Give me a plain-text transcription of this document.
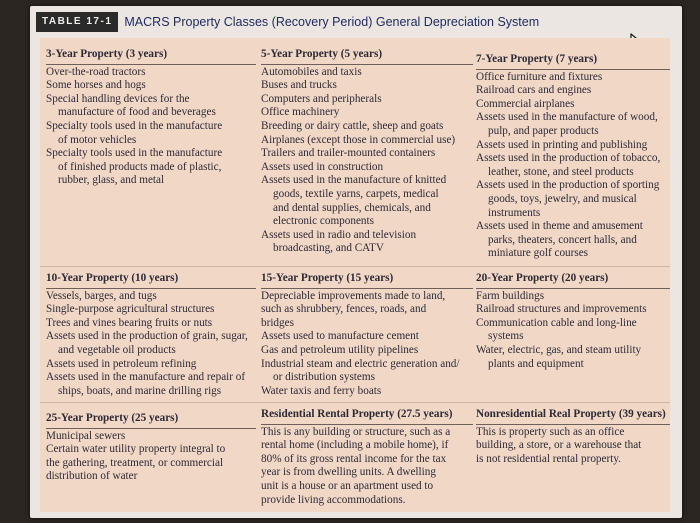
TABLE 17-1 MACRS Property Classes (Recovery Period) General Depreciation System
3-Year Property (3 years)
Over-the-road tractors
Some horses and hogs
Special handling devices for the
manufacture of food and beverages
Specialty tools used in the manufacture
of motor vehicles
Specialty tools used in the manufacture
of finished products made of plastic,
rubber, glass, and metal
5-Year Property (5 years)
Automobiles and taxis
Buses and trucks
Computers and peripherals
Office machinery
Breeding or dairy cattle, sheep and goats
Airplanes (except those in commercial use)
Trailers and trailer-mounted containers
Assets used in construction
Assets used in the manufacture of knitted
goods, textile yarns, carpets, medical
and dental supplies, chemicals, and
electronic components
Assets used in radio and television
broadcasting, and CATV
7-Year Property (7 years)
Office furniture and fixtures
Railroad cars and engines
Commercial airplanes
Assets used in the manufacture of wood,
pulp, and paper products
Assets used in printing and publishing
Assets used in the production of tobacco,
leather, stone, and steel products
Assets used in the production of sporting
goods, toys, jewelry, and musical
instruments
Assets used in theme and amusement
parks, theaters, concert halls, and
miniature golf courses
10-Year Property (10 years)
Vessels, barges, and tugs
Single-purpose agricultural structures
Trees and vines bearing fruits or nuts
Assets used in the production of grain, sugar,
and vegetable oil products
Assets used in petroleum refining
Assets used in the manufacture and repair of
ships, boats, and marine drilling rigs
15-Year Property (15 years)
Depreciable improvements made to land,
such as shrubbery, fences, roads, and
bridges
Assets used to manufacture cement
Gas and petroleum utility pipelines
Industrial steam and electric generation and/
or distribution systems
Water taxis and ferry boats
20-Year Property (20 years)
Farm buildings
Railroad structures and improvements
Communication cable and long-line
systems
Water, electric, gas, and steam utility
plants and equipment
25-Year Property (25 years)
Municipal sewers
Certain water utility property integral to
the gathering, treatment, or commercial
distribution of water
Residential Rental Property (27.5 years)
This is any building or structure, such as a
rental home (including a mobile home), if
80% of its gross rental income for the tax
year is from dwelling units. A dwelling
unit is a house or an apartment used to
provide living accommodations.
Nonresidential Real Property (39 years)
This is property such as an office
building, a store, or a warehouse that
is not residential rental property.
